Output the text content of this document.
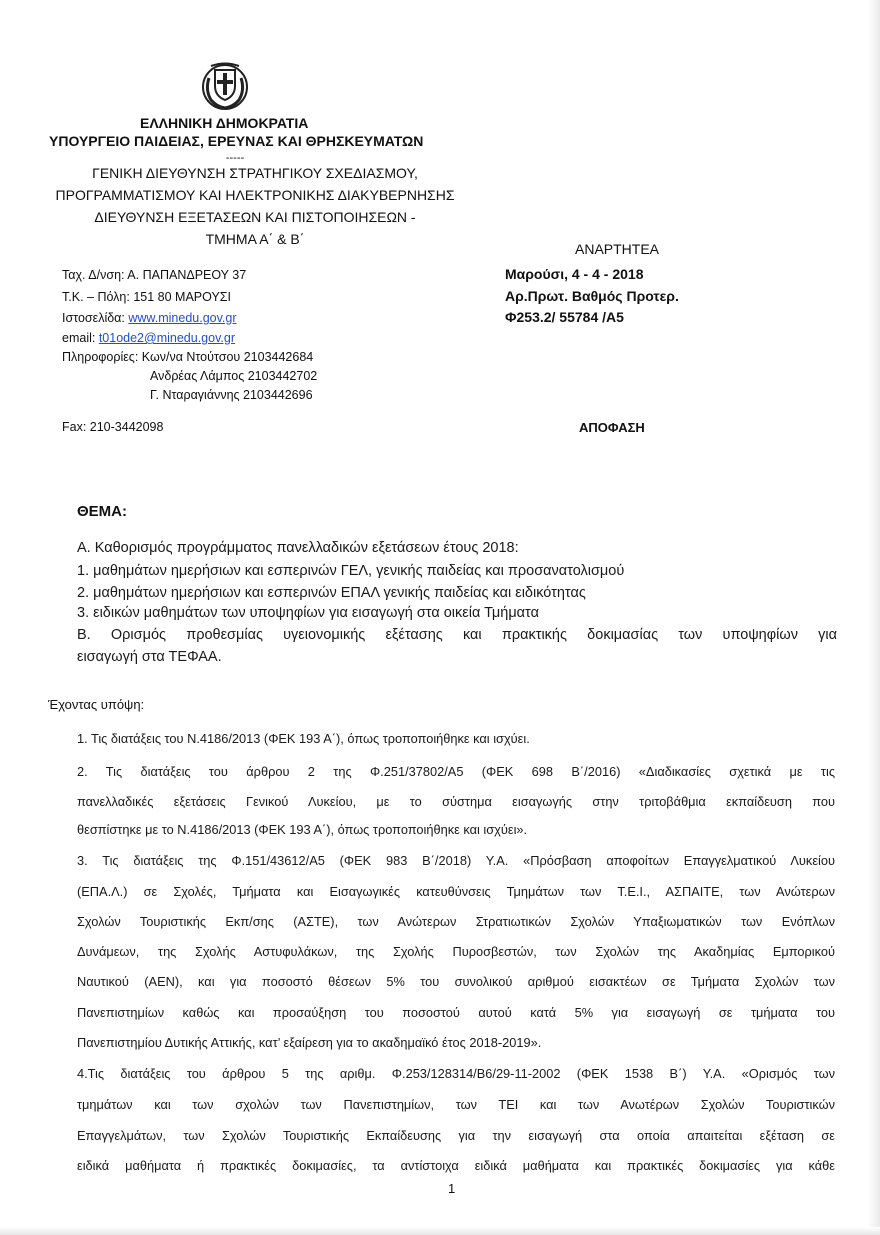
ΕΛΛΗΝΙΚΗ ΔΗΜΟΚΡΑΤΙΑ
ΥΠΟΥΡΓΕΙΟ ΠΑΙΔΕΙΑΣ, ΕΡΕΥΝΑΣ ΚΑΙ ΘΡΗΣΚΕΥΜΑΤΩΝ
-----
ΓΕΝΙΚΗ ΔΙΕΥΘΥΝΣΗ ΣΤΡΑΤΗΓΙΚΟΥ ΣΧΕΔΙΑΣΜΟΥ,
ΠΡΟΓΡΑΜΜΑΤΙΣΜΟΥ ΚΑΙ ΗΛΕΚΤΡΟΝΙΚΗΣ ΔΙΑΚΥΒΕΡΝΗΣΗΣ
ΔΙΕΥΘΥΝΣΗ ΕΞΕΤΑΣΕΩΝ ΚΑΙ ΠΙΣΤΟΠΟΙΗΣΕΩΝ -
ΤΜΗΜΑ Α΄ & Β΄
ΑΝΑΡΤΗΤΕΑ
Μαρούσι, 4 - 4 - 2018
Αρ.Πρωτ. Βαθμός Προτερ.
Φ253.2/ 55784 /Α5
ΑΠΟΦΑΣΗ
Ταχ. Δ/νση: Α. ΠΑΠΑΝΔΡΕΟΥ 37
Τ.Κ. – Πόλη: 151 80 ΜΑΡΟΥΣΙ
Ιστοσελίδα: www.minedu.gov.gr
email: t01ode2@minedu.gov.gr
Πληροφορίες: Κων/να Ντούτσου 2103442684
Ανδρέας Λάμπος 2103442702
Γ. Νταραγιάννης 2103442696
Fax: 210-3442098
ΘΕΜΑ:
Α. Καθορισμός προγράμματος πανελλαδικών εξετάσεων έτους 2018:
1. μαθημάτων ημερήσιων και εσπερινών ΓΕΛ, γενικής παιδείας και προσανατολισμού
2. μαθημάτων ημερήσιων και εσπερινών ΕΠΑΛ γενικής παιδείας και ειδικότητας
3. ειδικών μαθημάτων των υποψηφίων για εισαγωγή στα οικεία Τμήματα
Β. Ορισμός προθεσμίας υγειονομικής εξέτασης και πρακτικής δοκιμασίας των υποψηφίων για
εισαγωγή στα ΤΕΦΑΑ.
Έχοντας υπόψη:
1. Τις διατάξεις του Ν.4186/2013 (ΦΕΚ 193 Α΄), όπως τροποποιήθηκε και ισχύει.
2. Τις διατάξεις του άρθρου 2 της Φ.251/37802/Α5 (ΦΕΚ 698 Β΄/2016) «Διαδικασίες σχετικά με τις
πανελλαδικές εξετάσεις Γενικού Λυκείου, με το σύστημα εισαγωγής στην τριτοβάθμια εκπαίδευση που
θεσπίστηκε με το Ν.4186/2013 (ΦΕΚ 193 Α΄), όπως τροποποιήθηκε και ισχύει».
3. Τις διατάξεις της Φ.151/43612/Α5 (ΦΕΚ 983 Β΄/2018) Υ.Α. «Πρόσβαση αποφοίτων Επαγγελματικού Λυκείου
(ΕΠΑ.Λ.) σε Σχολές, Τμήματα και Εισαγωγικές κατευθύνσεις Τμημάτων των Τ.Ε.Ι., ΑΣΠΑΙΤΕ, των Ανώτερων
Σχολών Τουριστικής Εκπ/σης (ΑΣΤΕ), των Ανώτερων Στρατιωτικών Σχολών Υπαξιωματικών των Ενόπλων
Δυνάμεων, της Σχολής Αστυφυλάκων, της Σχολής Πυροσβεστών, των Σχολών της Ακαδημίας Εμπορικού
Ναυτικού (ΑΕΝ), και για ποσοστό θέσεων 5% του συνολικού αριθμού εισακτέων σε Τμήματα Σχολών των
Πανεπιστημίων καθώς και προσαύξηση του ποσοστού αυτού κατά 5% για εισαγωγή σε τμήματα του
Πανεπιστημίου Δυτικής Αττικής, κατ’ εξαίρεση για το ακαδημαϊκό έτος 2018-2019».
4.Τις διατάξεις του άρθρου 5 της αριθμ. Φ.253/128314/Β6/29-11-2002 (ΦΕΚ 1538 Β΄) Υ.Α. «Ορισμός των
τμημάτων και των σχολών των Πανεπιστημίων, των ΤΕΙ και των Ανωτέρων Σχολών Τουριστικών
Επαγγελμάτων, των Σχολών Τουριστικής Εκπαίδευσης για την εισαγωγή στα οποία απαιτείται εξέταση σε
ειδικά μαθήματα ή πρακτικές δοκιμασίες, τα αντίστοιχα ειδικά μαθήματα και πρακτικές δοκιμασίες για κάθε
1
